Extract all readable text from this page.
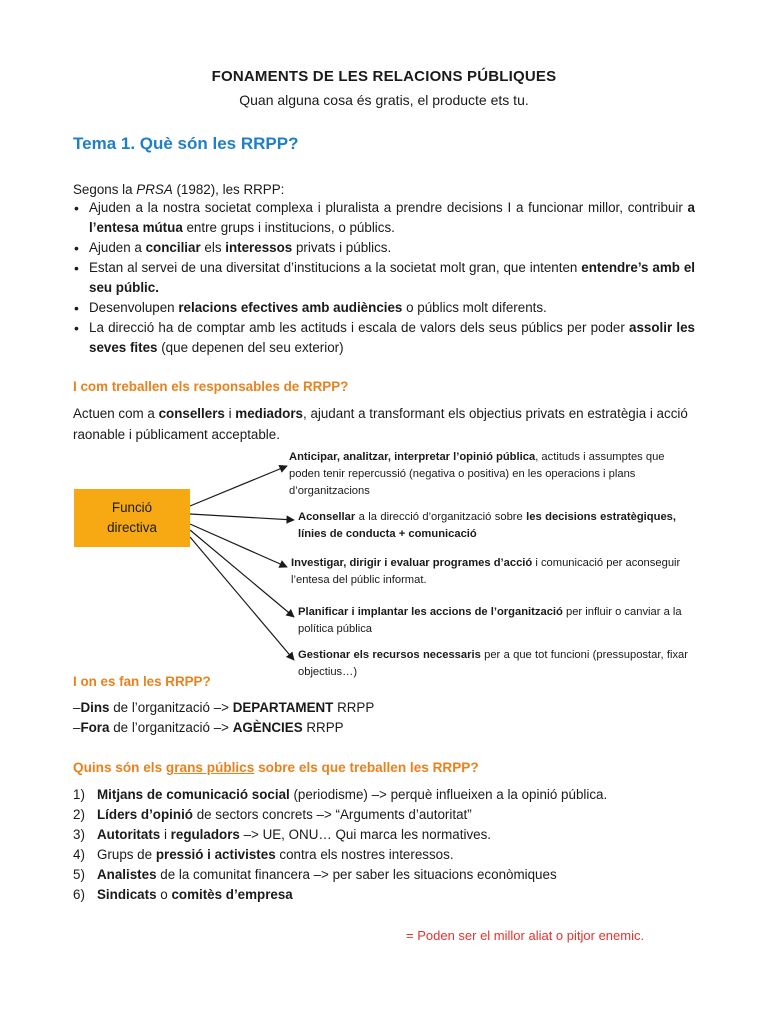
FONAMENTS DE LES RELACIONS PÚBLIQUES
Quan alguna cosa és gratis, el producte ets tu.
Tema 1. Què són les RRPP?
Segons la PRSA (1982), les RRPP:
• Ajuden a la nostra societat complexa i pluralista a prendre decisions I a funcionar millor, contribuir a l’entesa mútua entre grups i institucions, o públics.
• Ajuden a conciliar els interessos privats i públics.
• Estan al servei de una diversitat d’institucions a la societat molt gran, que intenten entendre’s amb el seu públic.
• Desenvolupen relacions efectives amb audiències o públics molt diferents.
• La direcció ha de comptar amb les actituds i escala de valors dels seus públics per poder assolir les seves fites (que depenen del seu exterior)
I com treballen els responsables de RRPP?
Actuen com a consellers i mediadors, ajudant a transformant els objectius privats en estratègia i acció raonable i públicament acceptable.
Funció
directiva
Anticipar, analitzar, interpretar l’opinió pública, actituds i assumptes que poden tenir repercussió (negativa o positiva) en les operacions i plans d’organitzacions
Aconsellar a la direcció d’organització sobre les decisions estratègiques, línies de conducta + comunicació
Investigar, dirigir i evaluar programes d’acció i comunicació per aconseguir l’entesa del públic informat.
Planificar i implantar les accions de l’organització per influir o canviar a la política pública
Gestionar els recursos necessaris per a que tot funcioni (pressupostar, fixar objectius…)
I on es fan les RRPP?
–Dins de l’organització –> DEPARTAMENT RRPP
–Fora de l’organització –> AGÈNCIES RRPP
Quins són els grans públics sobre els que treballen les RRPP?
1) Mitjans de comunicació social (periodisme) –> perquè influeixen a la opinió pública.
2) Líders d’opinió de sectors concrets –> “Arguments d’autoritat”
3) Autoritats i reguladors –> UE, ONU… Qui marca les normatives.
4) Grups de pressió i activistes contra els nostres interessos.
5) Analistes de la comunitat financera –> per saber les situacions econòmiques
6) Sindicats o comitès d’empresa
= Poden ser el millor aliat o pitjor enemic.
